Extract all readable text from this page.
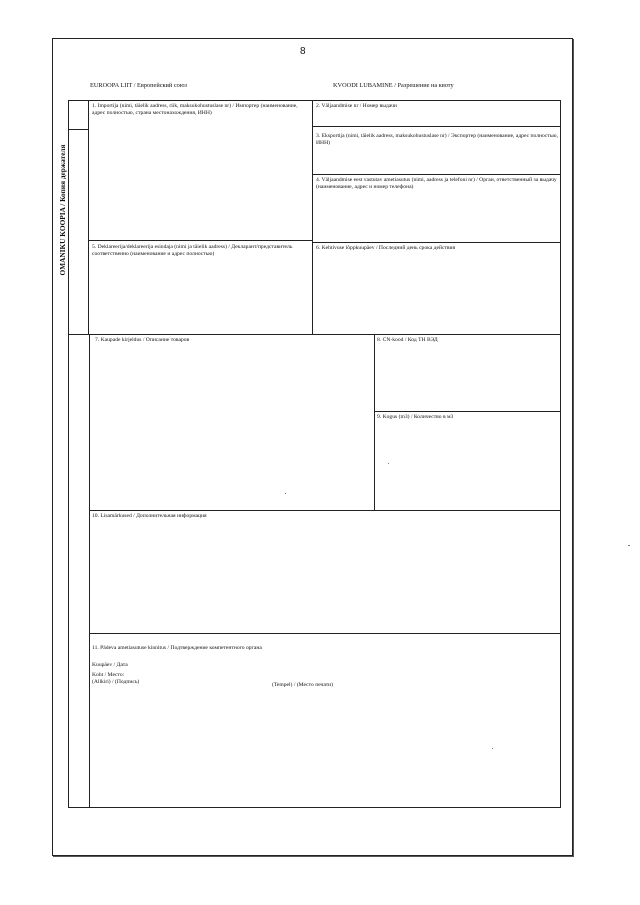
8
EUROOPA LIIT / Европейский союз	KVOODI LUBAMINE / Разрешение на квоту
OMANIKU KOOPIA / Копия держателя
1. Importija (nimi, täielik aadress, riik, maksukohustuslase nr) / Импортер (наименование, адрес полностью, страна местонахождения, ИНН)
2. Väljaandmise nr / Номер выдачи
3. Eksportija (nimi, täielik aadress, maksukohustuslase nr) / Экспортер (наименование, адрес полностью, ИНН)
4. Väljaandmise eest vastutav ametiasutus (nimi, aadress ja telefoni nr) / Орган, ответственный за выдачу (наименование, адрес и номер телефона)
5. Deklareerija/deklareerija esindaja (nimi ja täielik aadress) / Декларант/представитель соответственно (наименование и адрес полностью)
6. Kehtivuse lõppkuupäev / Последний день срока действия
7. Kaupade kirjeldus / Описание товаров	8. CN-kood / Код ТН ВЭД
9. Kogus (m3) / Количество в м3
10. Lisamärkused / Дополнительная информация
11. Pädeva ametiasutuse kinnitus / Подтверждение компетентного органа
Kuupäev / Дата
Koht / Место:
(Allkiri) / (Подпись)	(Tempel) / (Место печати)
